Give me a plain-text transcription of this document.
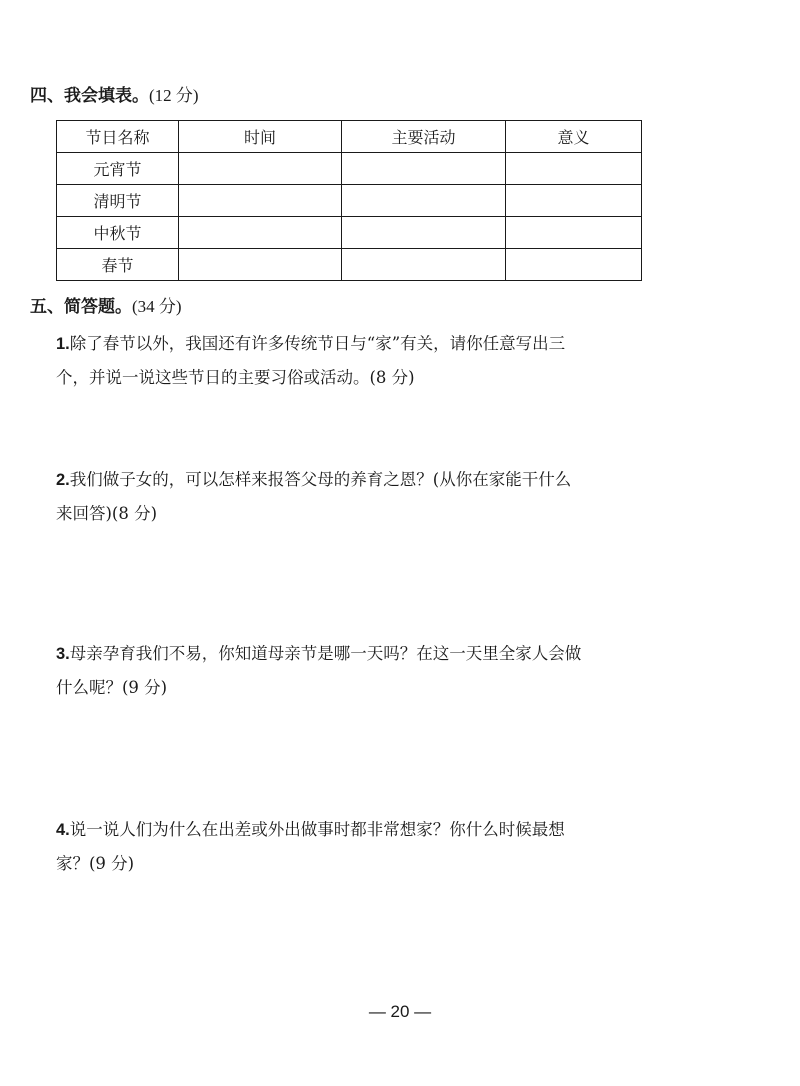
四、我会填表。(12 分)
节日名称	时间	主要活动	意义
元宵节			
清明节			
中秋节			
春节			
五、简答题。(34 分)
1.除了春节以外，我国还有许多传统节日与“家”有关，请你任意写出三
个，并说一说这些节日的主要习俗或活动。(8 分)
2.我们做子女的，可以怎样来报答父母的养育之恩？(从你在家能干什么
来回答)(8 分)
3.母亲孕育我们不易，你知道母亲节是哪一天吗？在这一天里全家人会做
什么呢？(9 分)
4.说一说人们为什么在出差或外出做事时都非常想家？你什么时候最想
家？(9 分)
— 20 —
